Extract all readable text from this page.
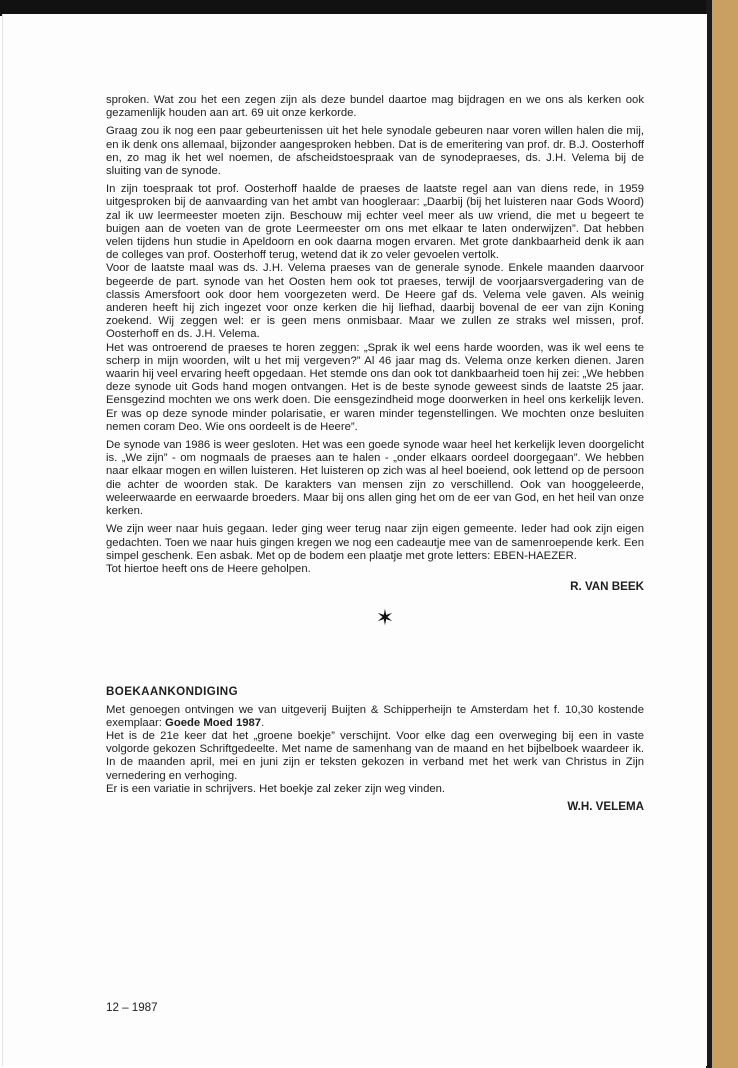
sproken. Wat zou het een zegen zijn als deze bundel daartoe mag bijdragen en we ons als kerken ook gezamenlijk houden aan art. 69 uit onze kerkorde.

Graag zou ik nog een paar gebeurtenissen uit het hele synodale gebeuren naar voren willen halen die mij, en ik denk ons allemaal, bijzonder aangesproken hebben. Dat is de emeritering van prof. dr. B.J. Oosterhoff en, zo mag ik het wel noemen, de afscheidstoespraak van de synodepraeses, ds. J.H. Velema bij de sluiting van de synode.

In zijn toespraak tot prof. Oosterhoff haalde de praeses de laatste regel aan van diens rede, in 1959 uitgesproken bij de aanvaarding van het ambt van hoogleraar: „Daarbij (bij het luisteren naar Gods Woord) zal ik uw leermeester moeten zijn. Beschouw mij echter veel meer als uw vriend, die met u begeert te buigen aan de voeten van de grote Leermeester om ons met elkaar te laten onderwijzen”. Dat hebben velen tijdens hun studie in Apeldoorn en ook daarna mogen ervaren. Met grote dankbaarheid denk ik aan de colleges van prof. Oosterhoff terug, wetend dat ik zo veler gevoelen vertolk.

Voor de laatste maal was ds. J.H. Velema praeses van de generale synode. Enkele maanden daarvoor begeerde de part. synode van het Oosten hem ook tot praeses, terwijl de voorjaarsvergadering van de classis Amersfoort ook door hem voorgezeten werd. De Heere gaf ds. Velema vele gaven. Als weinig anderen heeft hij zich ingezet voor onze kerken die hij liefhad, daarbij bovenal de eer van zijn Koning zoekend. Wij zeggen wel: er is geen mens onmisbaar. Maar we zullen ze straks wel missen, prof. Oosterhoff en ds. J.H. Velema.

Het was ontroerend de praeses te horen zeggen: „Sprak ik wel eens harde woorden, was ik wel eens te scherp in mijn woorden, wilt u het mij vergeven?” Al 46 jaar mag ds. Velema onze kerken dienen. Jaren waarin hij veel ervaring heeft opgedaan. Het stemde ons dan ook tot dankbaarheid toen hij zei: „We hebben deze synode uit Gods hand mogen ontvangen. Het is de beste synode geweest sinds de laatste 25 jaar. Eensgezind mochten we ons werk doen. Die eensgezindheid moge doorwerken in heel ons kerkelijk leven. Er was op deze synode minder polarisatie, er waren minder tegenstellingen. We mochten onze besluiten nemen coram Deo. Wie ons oordeelt is de Heere”.

De synode van 1986 is weer gesloten. Het was een goede synode waar heel het kerkelijk leven doorgelicht is. „We zijn” - om nogmaals de praeses aan te halen - „onder elkaars oordeel doorgegaan”. We hebben naar elkaar mogen en willen luisteren. Het luisteren op zich was al heel boeiend, ook lettend op de persoon die achter de woorden stak. De karakters van mensen zijn zo verschillend. Ook van hooggeleerde, weleerwaarde en eerwaarde broeders. Maar bij ons allen ging het om de eer van God, en het heil van onze kerken.

We zijn weer naar huis gegaan. Ieder ging weer terug naar zijn eigen gemeente. Ieder had ook zijn eigen gedachten. Toen we naar huis gingen kregen we nog een cadeautje mee van de samenroepende kerk. Een simpel geschenk. Een asbak. Met op de bodem een plaatje met grote letters: EBEN-HAEZER.

Tot hiertoe heeft ons de Heere geholpen.

R. VAN BEEK
✶
BOEKAANKONDIGING

Met genoegen ontvingen we van uitgeverij Buijten & Schipperheijn te Amsterdam het f. 10,30 kostende exemplaar: Goede Moed 1987.

Het is de 21e keer dat het „groene boekje” verschijnt. Voor elke dag een overweging bij een in vaste volgorde gekozen Schriftgedeelte. Met name de samenhang van de maand en het bijbelboek waardeer ik. In de maanden april, mei en juni zijn er teksten gekozen in verband met het werk van Christus in Zijn vernedering en verhoging.

Er is een variatie in schrijvers. Het boekje zal zeker zijn weg vinden.

W.H. VELEMA
12 – 1987
